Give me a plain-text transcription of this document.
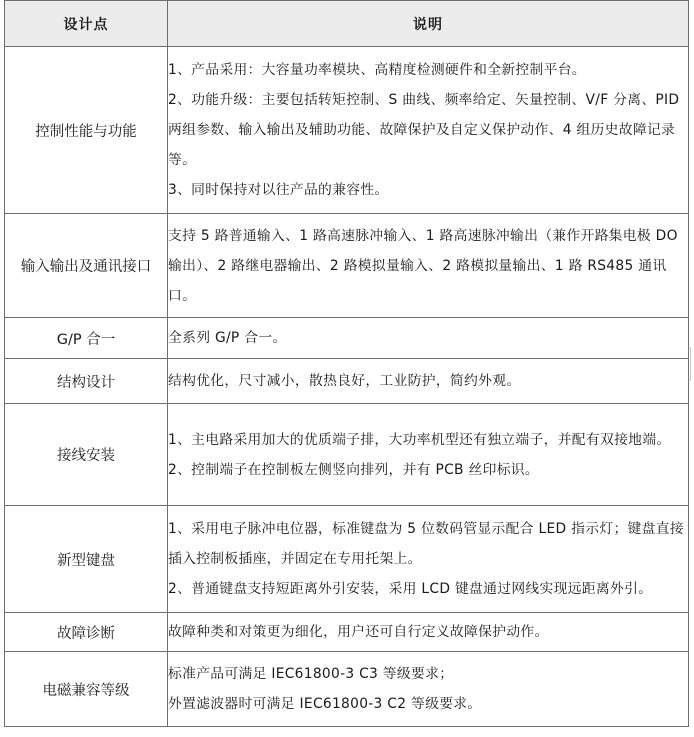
设计点	说明
控制性能与功能	1、产品采用：大容量功率模块、高精度检测硬件和全新控制平台。
2、功能升级：主要包括转矩控制、S 曲线、频率给定、矢量控制、V/F 分离、PID 两组参数、输入输出及辅助功能、故障保护及自定义保护动作、4 组历史故障记录等。
3、同时保持对以往产品的兼容性。

输入输出及通讯接口	支持 5 路普通输入、1 路高速脉冲输入、1 路高速脉冲输出（兼作开路集电极 DO 输出）、2 路继电器输出、2 路模拟量输入、2 路模拟量输出、1 路 RS485 通讯口。

G/P 合一	全系列 G/P 合一。

结构设计	结构优化，尺寸减小，散热良好，工业防护，简约外观。

接线安装	1、主电路采用加大的优质端子排，大功率机型还有独立端子，并配有双接地端。
2、控制端子在控制板左侧竖向排列，并有 PCB 丝印标识。

新型键盘	1、采用电子脉冲电位器，标准键盘为 5 位数码管显示配合 LED 指示灯；键盘直接插入控制板插座，并固定在专用托架上。
2、普通键盘支持短距离外引安装，采用 LCD 键盘通过网线实现远距离外引。

故障诊断	故障种类和对策更为细化，用户还可自行定义故障保护动作。

电磁兼容等级	标准产品可满足 IEC61800-3 C3 等级要求；
外置滤波器时可满足 IEC61800-3 C2 等级要求。
